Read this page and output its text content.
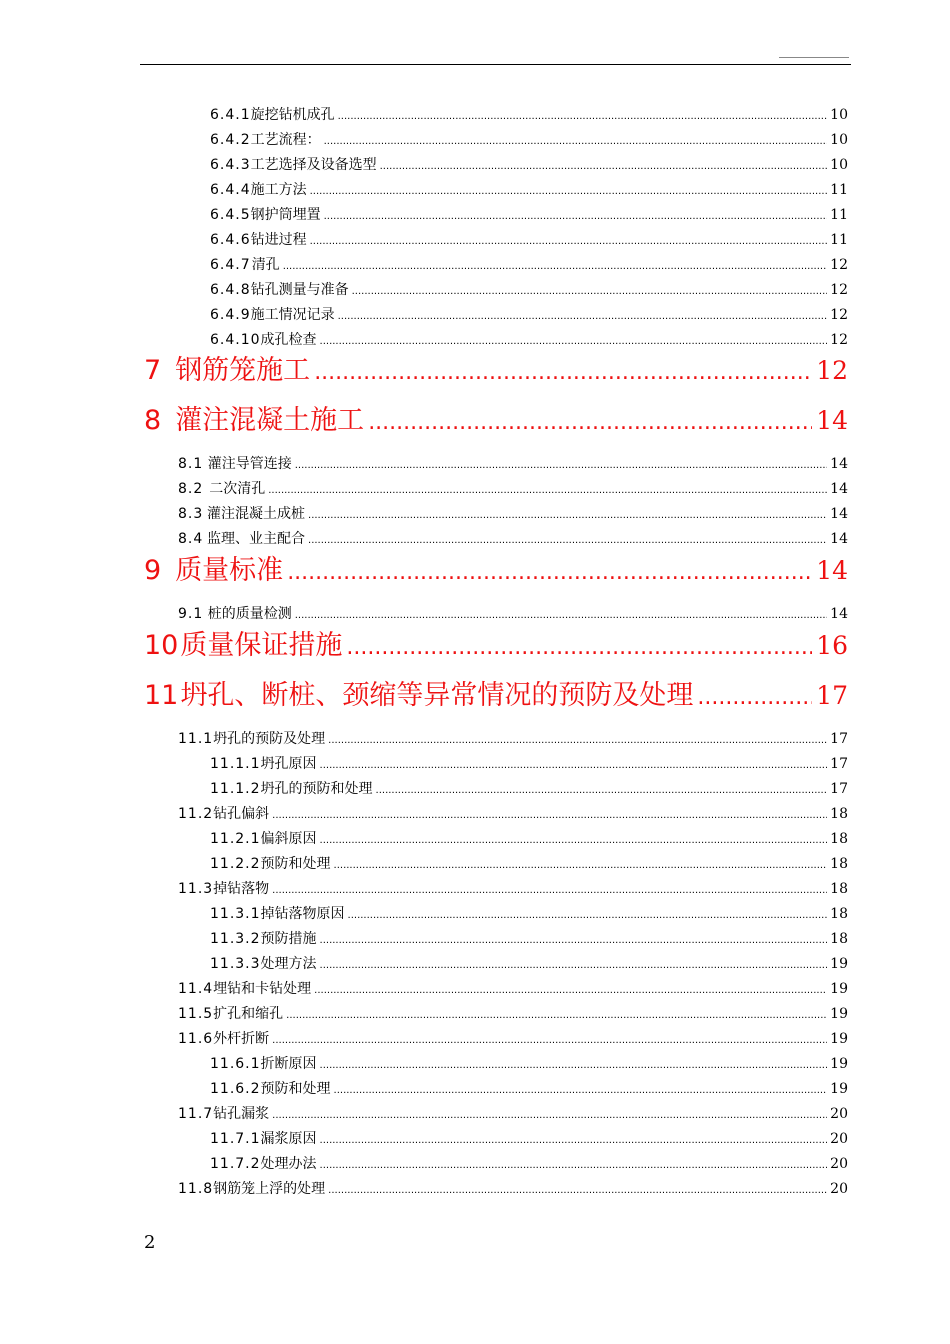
6.4.1 旋挖钻机成孔 .....	10
6.4.2 工艺流程： .....	10
6.4.3 工艺选择及设备选型 .....	10
6.4.4 施工方法 .....	11
6.4.5 钢护筒埋置 .....	11
6.4.6 钻进过程 .....	11
6.4.7 清孔 .....	12
6.4.8 钻孔测量与准备 .....	12
6.4.9 施工情况记录 .....	12
6.4.10 成孔检查 .....	12
7 钢筋笼施工 .....	12
8 灌注混凝土施工 .....	14
8.1 灌注导管连接 .....	14
8.2 二次清孔 .....	14
8.3 灌注混凝土成桩 .....	14
8.4 监理、业主配合 .....	14
9 质量标准 .....	14
9.1 桩的质量检测 .....	14
10 质量保证措施 .....	16
11 坍孔、断桩、颈缩等异常情况的预防及处理 .....	17
11.1 坍孔的预防及处理 .....	17
11.1.1 坍孔原因 .....	17
11.1.2 坍孔的预防和处理 .....	17
11.2 钻孔偏斜 .....	18
11.2.1 偏斜原因 .....	18
11.2.2 预防和处理 .....	18
11.3 掉钻落物 .....	18
11.3.1 掉钻落物原因 .....	18
11.3.2 预防措施 .....	18
11.3.3 处理方法 .....	19
11.4 埋钻和卡钻处理 .....	19
11.5 扩孔和缩孔 .....	19
11.6 外杆折断 .....	19
11.6.1 折断原因 .....	19
11.6.2 预防和处理 .....	19
11.7 钻孔漏浆 .....	20
11.7.1 漏浆原因 .....	20
11.7.2 处理办法 .....	20
11.8 钢筋笼上浮的处理 .....	20
2
